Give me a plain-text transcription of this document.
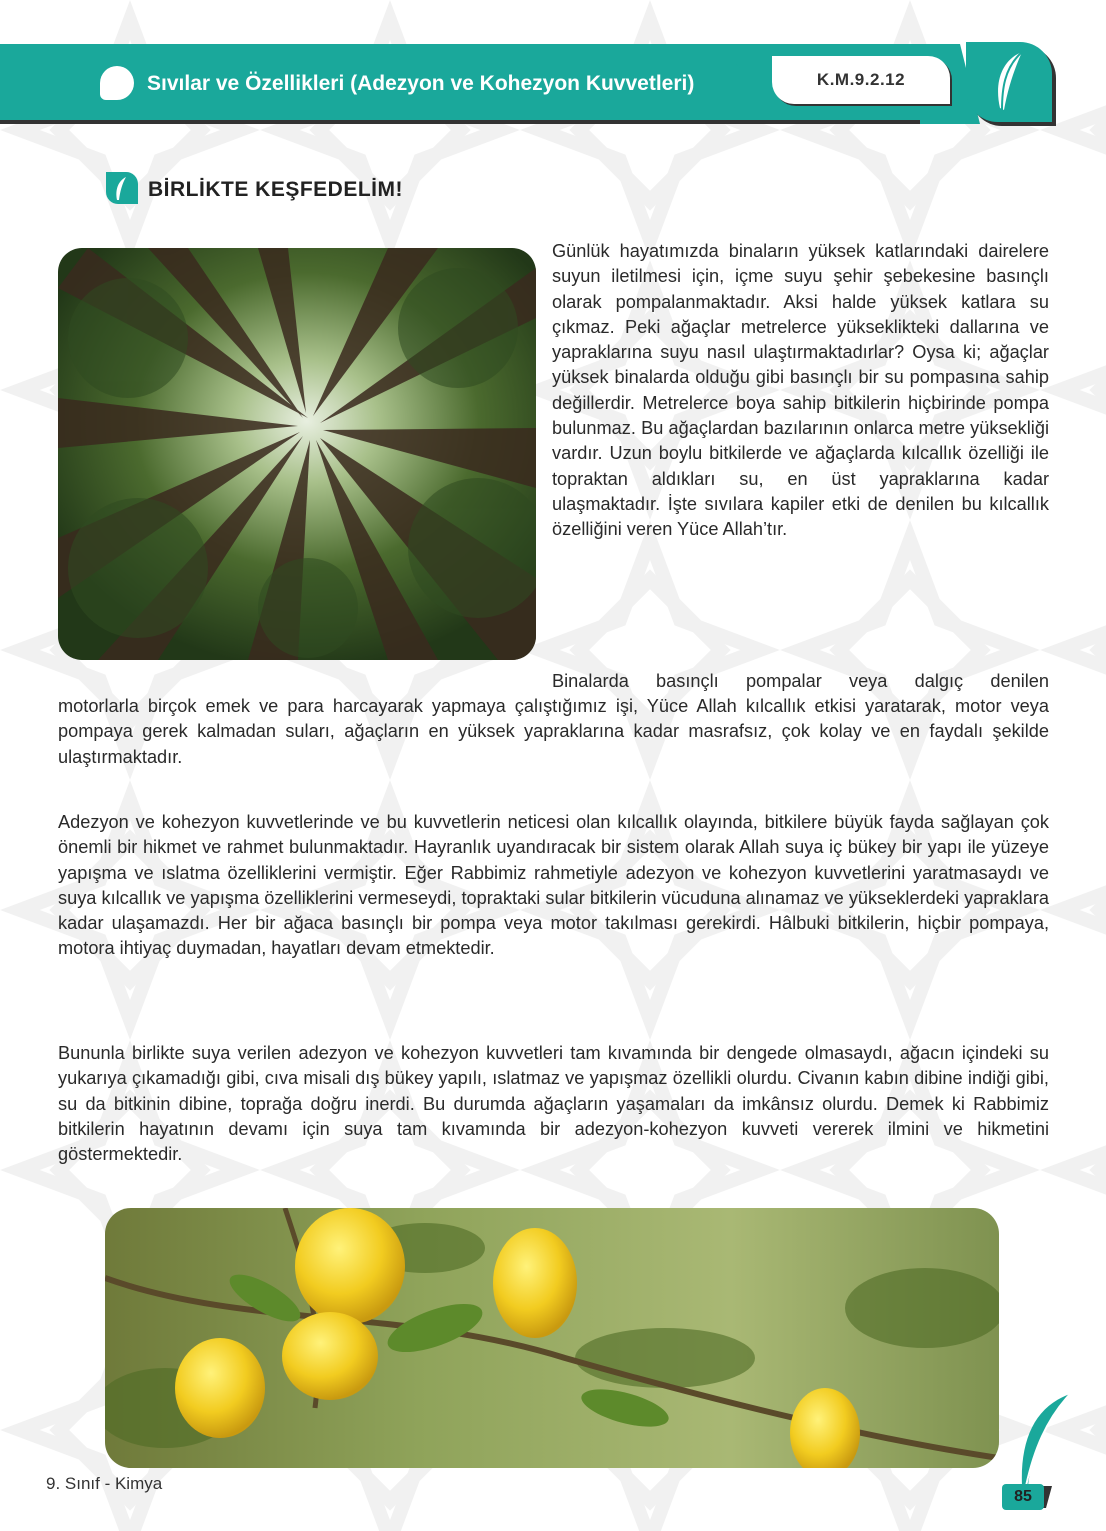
Sıvılar ve Özellikleri (Adezyon ve Kohezyon Kuvvetleri)	K.M.9.2.12
BİRLİKTE KEŞFEDELİM!
Günlük hayatımızda binaların yüksek katlarındaki dairelere suyun iletilmesi için, içme suyu şehir şebekesine basınçlı olarak pompalanmaktadır. Aksi halde yüksek katlara su çıkmaz. Peki ağaçlar metrelerce yükseklikteki dallarına ve yapraklarına suyu nasıl ulaştırmaktadırlar? Oysa ki; ağaçlar yüksek binalarda olduğu gibi basınçlı bir su pompasına sahip değillerdir. Metrelerce boya sahip bitkilerin hiçbirinde pompa bulunmaz. Bu ağaçlardan bazılarının onlarca metre yüksekliği vardır. Uzun boylu bitkilerde ve ağaçlarda kılcallık özelliği ile topraktan aldıkları su, en üst yapraklarına kadar ulaşmaktadır. İşte sıvılara kapiler etki de denilen bu kılcallık özelliğini veren Yüce Allah’tır.
Binalarda basınçlı pompalar veya dalgıç denilen
motorlarla birçok emek ve para harcayarak yapmaya çalıştığımız işi, Yüce Allah kılcallık etkisi yaratarak, motor veya pompaya gerek kalmadan suları, ağaçların en yüksek yapraklarına kadar masrafsız, çok kolay ve en faydalı şekilde ulaştırmaktadır.
Adezyon ve kohezyon kuvvetlerinde ve bu kuvvetlerin neticesi olan kılcallık olayında, bitkilere büyük fayda sağlayan çok önemli bir hikmet ve rahmet bulunmaktadır. Hayranlık uyandıracak bir sistem olarak Allah suya iç bükey bir yapı ile yüzeye yapışma ve ıslatma özelliklerini vermiştir. Eğer Rabbimiz rahmetiyle adezyon ve kohezyon kuvvetlerini yaratmasaydı ve suya kılcallık ve yapışma özelliklerini vermeseydi, topraktaki sular bitkilerin vücuduna alınamaz ve yükseklerdeki yapraklara kadar ulaşamazdı. Her bir ağaca basınçlı bir pompa veya motor takılması gerekirdi. Hâlbuki bitkilerin, hiçbir pompaya, motora ihtiyaç duymadan, hayatları devam etmektedir.
Bununla birlikte suya verilen adezyon ve kohezyon kuvvetleri tam kıvamında bir dengede olmasaydı, ağacın içindeki su yukarıya çıkamadığı gibi, cıva misali dış bükey yapılı, ıslatmaz ve yapışmaz özellikli olurdu. Civanın kabın dibine indiği gibi, su da bitkinin dibine, toprağa doğru inerdi. Bu durumda ağaçların yaşamaları da imkânsız olurdu. Demek ki Rabbimiz bitkilerin hayatının devamı için suya tam kıvamında bir adezyon-kohezyon kuvveti vererek ilmini ve hikmetini göstermektedir.
9. Sınıf - Kimya
85
